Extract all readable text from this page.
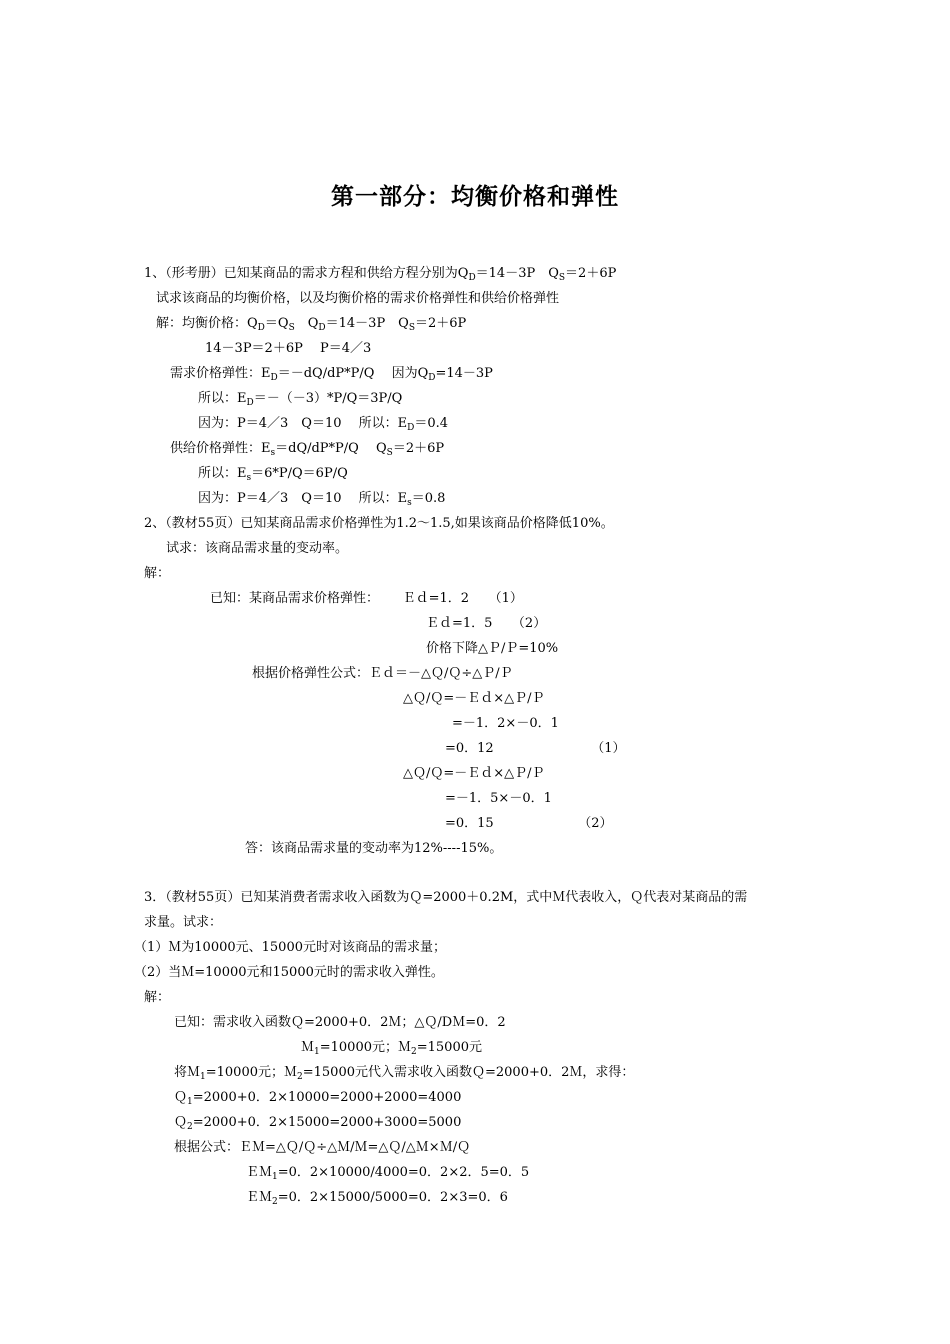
第一部分：均衡价格和弹性
1、（形考册）已知某商品的需求方程和供给方程分别为$Q_D=14-3P$　$Q_S=2+6P$
试求该商品的均衡价格，以及均衡价格的需求价格弹性和供给价格弹性
解：均衡价格：$Q_D=Q_S$　$Q_D=14-3P$　$Q_S=2+6P$
14－3P＝2＋6P　 P＝4／3
需求价格弹性：$E_D=-dQ/dP*P/Q$　 因为$Q_D=14-3P$
所以：$E_D=-(-3)*P/Q=3P/Q$
因为：P＝4／3　Q＝10　 所以：$E_D=0.4$
供给价格弹性：$E_s=dQ/dP*P/Q$　 $Q_S=2+6P$
所以：$E_s=6*P/Q=6P/Q$
因为：P＝4／3　Q＝10　 所以：$E_s=0.8$
2、（教材55页）已知某商品需求价格弹性为1.2～1.5,如果该商品价格降低10%。
试求：该商品需求量的变动率。
解：
已知：某商品需求价格弹性：　　 Ｅｄ=1．2　　（1）
Ｅｄ=1．5　　（2）
价格下降△Ｐ/Ｐ=10%
根据价格弹性公式：Ｅｄ＝－△Ｑ/Ｑ÷△Ｐ/Ｐ
△Ｑ/Ｑ=－Ｅｄ×△Ｐ/Ｐ
=－1．2×－0．1
=0．12　　　　　　　　（1）
△Ｑ/Ｑ=－Ｅｄ×△Ｐ/Ｐ
=－1．5×－0．1
=0．15　　　　　　　（2）
答：该商品需求量的变动率为12%----15%。
3．（教材55页）已知某消费者需求收入函数为Ｑ=2000＋0.2M，式中Ｍ代表收入，Ｑ代表对某商品的需
求量。试求：
（1）Ｍ为10000元、15000元时对该商品的需求量；
（2）当Ｍ=10000元和15000元时的需求收入弹性。
解：
已知：需求收入函数Ｑ=2000+0．2Ｍ；△Ｑ/DＭ=0．2
Ｍ$_1$=10000元；Ｍ$_2$=15000元
将Ｍ$_1$=10000元；Ｍ$_2$=15000元代入需求收入函数Ｑ=2000+0．2Ｍ，求得：
Ｑ$_1$=2000+0．2×10000=2000+2000=4000
Ｑ$_2$=2000+0．2×15000=2000+3000=5000
根据公式：ＥＭ=△Ｑ/Ｑ÷△Ｍ/Ｍ=△Ｑ/△Ｍ×Ｍ/Ｑ
ＥＭ$_1$=0．2×10000/4000=0．2×2．5=0．5
ＥＭ$_2$=0．2×15000/5000=0．2×3=0．6
